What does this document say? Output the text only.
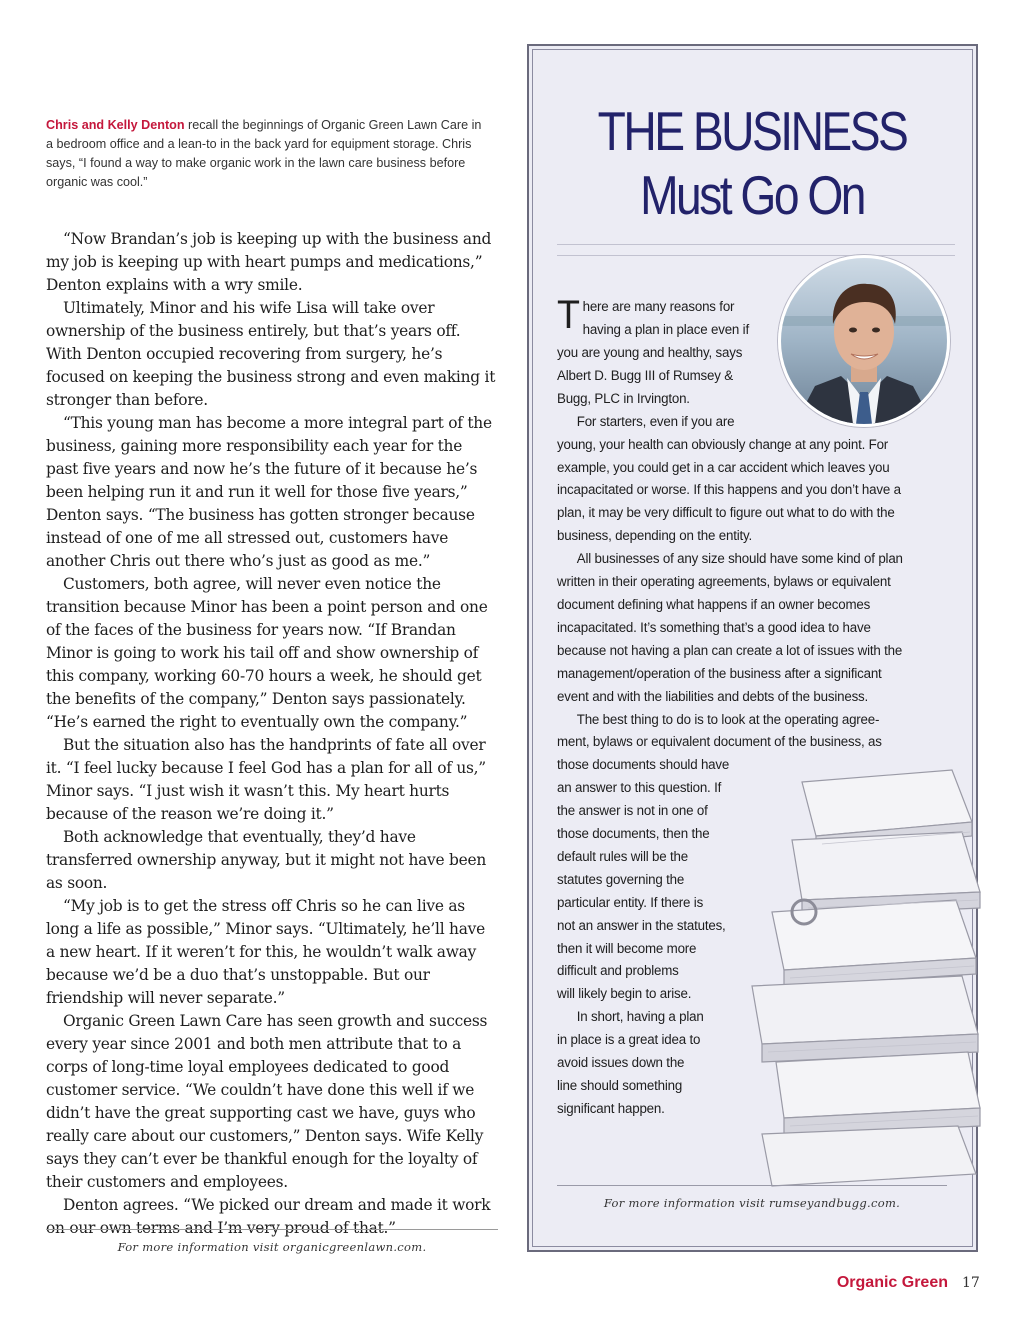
Chris and Kelly Denton recall the beginnings of Organic Green Lawn Care in a bedroom office and a lean-to in the back yard for equipment storage. Chris says, “I found a way to make organic work in the lawn care business before organic was cool.”

“Now Brandan’s job is keeping up with the business and my job is keeping up with heart pumps and medications,” Denton explains with a wry smile.

Ultimately, Minor and his wife Lisa will take over ownership of the business entirely, but that’s years off. With Denton occupied recovering from surgery, he’s focused on keeping the business strong and even making it stronger than before.

“This young man has become a more integral part of the business, gaining more responsibility each year for the past five years and now he’s the future of it because he’s been helping run it and run it well for those five years,” Denton says. “The business has gotten stronger because instead of one of me all stressed out, customers have another Chris out there who’s just as good as me.”

Customers, both agree, will never even notice the transition because Minor has been a point person and one of the faces of the business for years now. “If Brandan Minor is going to work his tail off and show ownership of this company, working 60-70 hours a week, he should get the benefits of the company,” Denton says passionately. “He’s earned the right to eventually own the company.”

But the situation also has the handprints of fate all over it. “I feel lucky because I feel God has a plan for all of us,” Minor says. “I just wish it wasn’t this. My heart hurts because of the reason we’re doing it.”

Both acknowledge that eventually, they’d have transferred ownership anyway, but it might not have been as soon.

“My job is to get the stress off Chris so he can live as long a life as possible,” Minor says. “Ultimately, he’ll have a new heart. If it weren’t for this, he wouldn’t walk away because we’d be a duo that’s unstoppable. But our friendship will never separate.”

Organic Green Lawn Care has seen growth and success every year since 2001 and both men attribute that to a corps of long-time loyal employees dedicated to good customer service. “We couldn’t have done this well if we didn’t have the great supporting cast we have, guys who really care about our customers,” Denton says. Wife Kelly says they can’t ever be thankful enough for the loyalty of their customers and employees.

Denton agrees. “We picked our dream and made it work on our own terms and I’m very proud of that.”

For more information visit organicgreenlawn.com.
THE BUSINESS
Must Go On
T here are many reasons for
having a plan in place even if
you are young and healthy, says
Albert D. Bugg III of Rumsey &
Bugg, PLC in Irvington.
For starters, even if you are
young, your health can obviously change at any point. For
example, you could get in a car accident which leaves you
incapacitated or worse. If this happens and you don’t have a
plan, it may be very difficult to figure out what to do with the
business, depending on the entity.
All businesses of any size should have some kind of plan
written in their operating agreements, bylaws or equivalent
document defining what happens if an owner becomes
incapacitated. It’s something that’s a good idea to have
because not having a plan can create a lot of issues with the
management/operation of the business after a significant
event and with the liabilities and debts of the business.
The best thing to do is to look at the operating agree-
ment, bylaws or equivalent document of the business, as
those documents should have
an answer to this question. If
the answer is not in one of
those documents, then the
default rules will be the
statutes governing the
particular entity. If there is
not an answer in the statutes,
then it will become more
difficult and problems
will likely begin to arise.
In short, having a plan
in place is a great idea to
avoid issues down the
line should something
significant happen.
For more information visit rumseyandbugg.com.
Organic Green 17
